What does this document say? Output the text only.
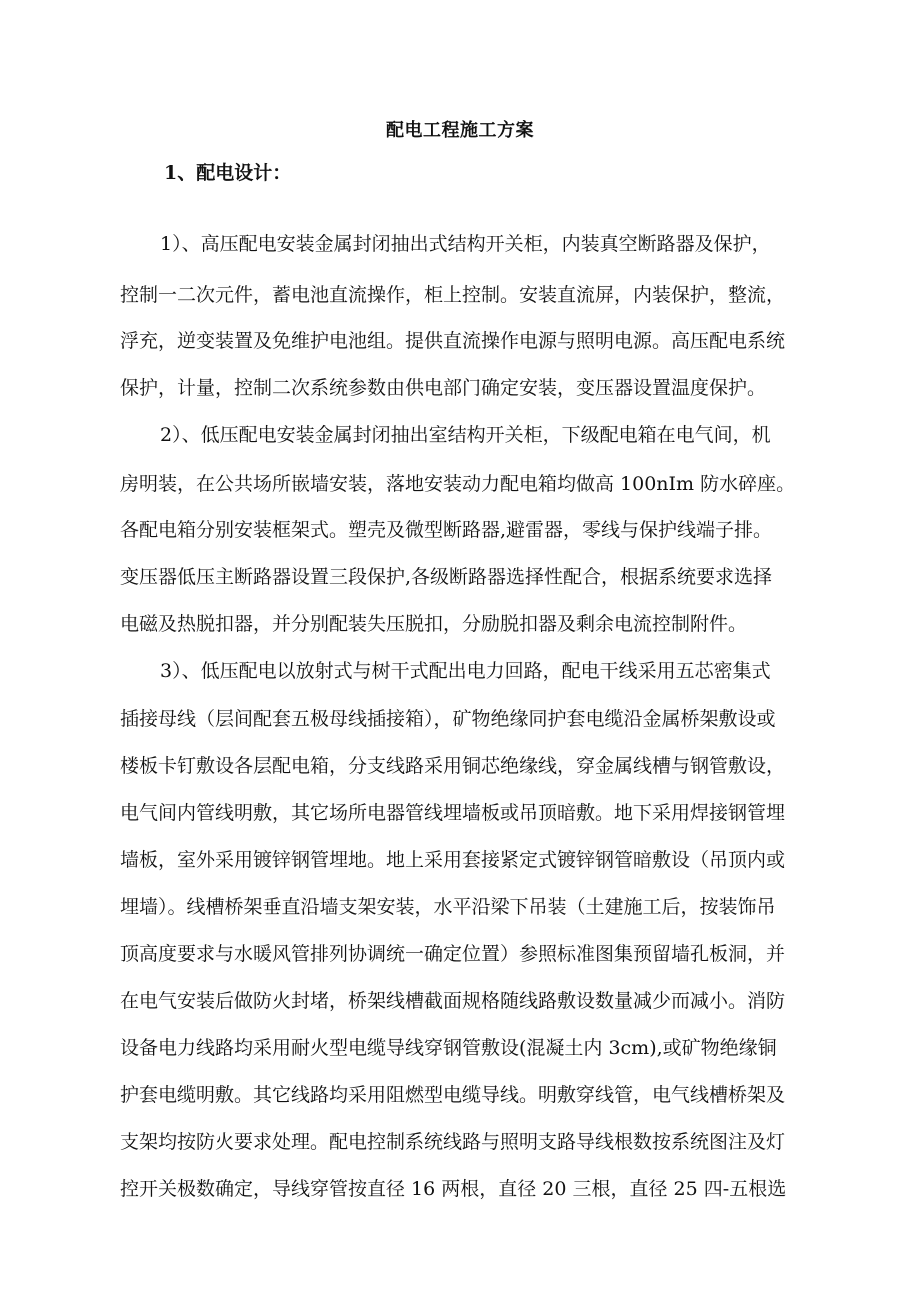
配电工程施工方案
1、配电设计：
1）、高压配电安装金属封闭抽出式结构开关柜，内装真空断路器及保护，
控制一二次元件，蓄电池直流操作，柜上控制。安装直流屏，内装保护，整流，
浮充，逆变装置及免维护电池组。提供直流操作电源与照明电源。高压配电系统
保护，计量，控制二次系统参数由供电部门确定安装，变压器设置温度保护。
2）、低压配电安装金属封闭抽出室结构开关柜，下级配电箱在电气间，机
房明装，在公共场所嵌墙安装，落地安装动力配电箱均做高 100nIm 防水碎座。
各配电箱分别安装框架式。塑壳及微型断路器,避雷器，零线与保护线端子排。
变压器低压主断路器设置三段保护,各级断路器选择性配合，根据系统要求选择
电磁及热脱扣器，并分别配装失压脱扣，分励脱扣器及剩余电流控制附件。
3）、低压配电以放射式与树干式配出电力回路，配电干线采用五芯密集式
插接母线（层间配套五极母线插接箱），矿物绝缘同护套电缆沿金属桥架敷设或
楼板卡钉敷设各层配电箱，分支线路采用铜芯绝缘线，穿金属线槽与钢管敷设，
电气间内管线明敷，其它场所电器管线埋墙板或吊顶暗敷。地下采用焊接钢管埋
墙板，室外采用镀锌钢管埋地。地上采用套接紧定式镀锌钢管暗敷设（吊顶内或
埋墙）。线槽桥架垂直沿墙支架安装，水平沿梁下吊装（土建施工后，按装饰吊
顶高度要求与水暖风管排列协调统一确定位置）参照标准图集预留墙孔板洞，并
在电气安装后做防火封堵，桥架线槽截面规格随线路敷设数量减少而减小。消防
设备电力线路均采用耐火型电缆导线穿钢管敷设(混凝土内 3cm),或矿物绝缘铜
护套电缆明敷。其它线路均采用阻燃型电缆导线。明敷穿线管，电气线槽桥架及
支架均按防火要求处理。配电控制系统线路与照明支路导线根数按系统图注及灯
控开关极数确定，导线穿管按直径 16 两根，直径 20 三根，直径 25 四-五根选
